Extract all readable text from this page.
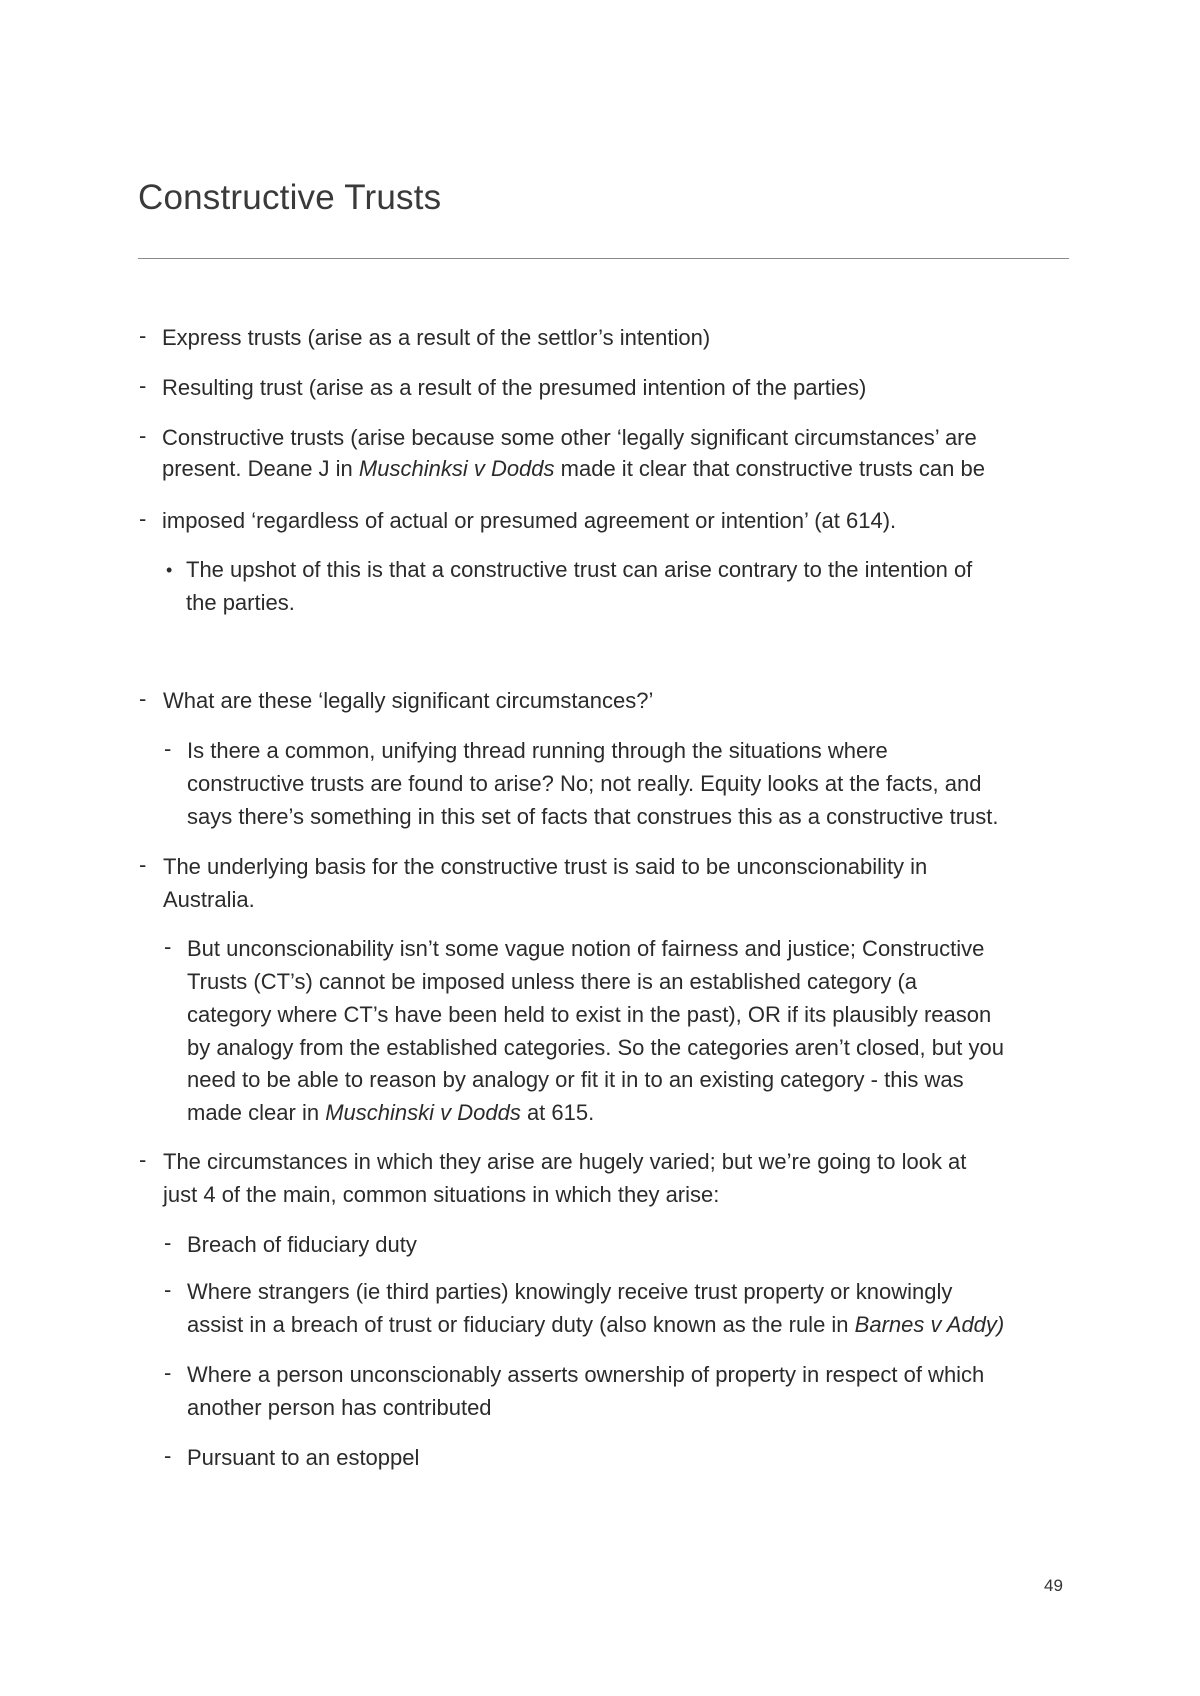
Constructive Trusts
- Express trusts (arise as a result of the settlor’s intention)
- Resulting trust (arise as a result of the presumed intention of the parties)
- Constructive trusts (arise because some other ‘legally significant circumstances’ are
present. Deane J in Muschinksi v Dodds made it clear that constructive trusts can be
- imposed ‘regardless of actual or presumed agreement or intention’ (at 614).
• The upshot of this is that a constructive trust can arise contrary to the intention of
the parties.
- What are these ‘legally significant circumstances?’
- Is there a common, unifying thread running through the situations where
constructive trusts are found to arise? No; not really. Equity looks at the facts, and
says there’s something in this set of facts that construes this as a constructive trust.
- The underlying basis for the constructive trust is said to be unconscionability in
Australia.
- But unconscionability isn’t some vague notion of fairness and justice; Constructive
Trusts (CT’s) cannot be imposed unless there is an established category (a
category where CT’s have been held to exist in the past), OR if its plausibly reason
by analogy from the established categories. So the categories aren’t closed, but you
need to be able to reason by analogy or fit it in to an existing category - this was
made clear in Muschinski v Dodds at 615.
- The circumstances in which they arise are hugely varied; but we’re going to look at
just 4 of the main, common situations in which they arise:
- Breach of fiduciary duty
- Where strangers (ie third parties) knowingly receive trust property or knowingly
assist in a breach of trust or fiduciary duty (also known as the rule in Barnes v Addy)
- Where a person unconscionably asserts ownership of property in respect of which
another person has contributed
- Pursuant to an estoppel
49
